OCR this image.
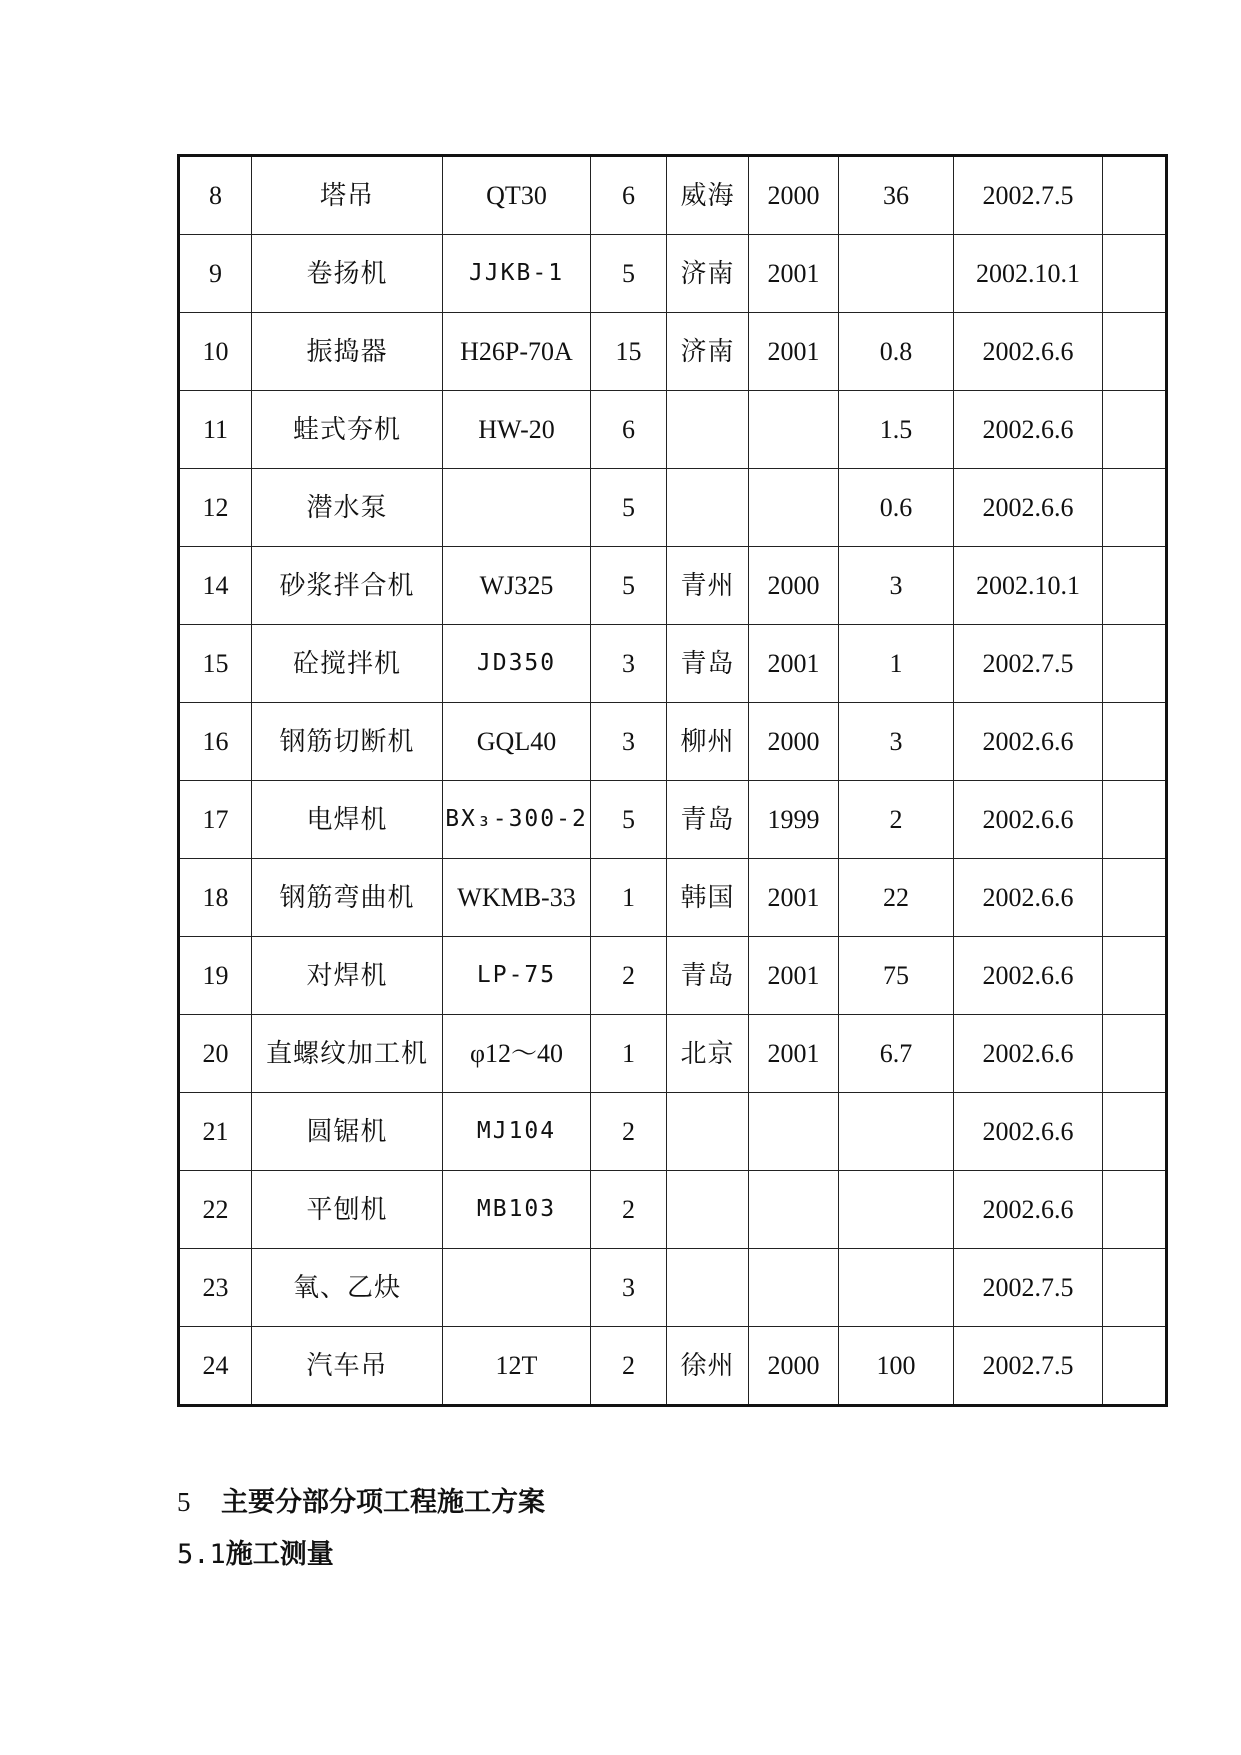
8	塔吊	QT30	6	威海	2000	36	2002.7.5	
9	卷扬机	JJKB-1	5	济南	2001		2002.10.1	
10	振捣器	H26P-70A	15	济南	2001	0.8	2002.6.6	
11	蛙式夯机	HW-20	6			1.5	2002.6.6	
12	潜水泵		5			0.6	2002.6.6	
14	砂浆拌合机	WJ325	5	青州	2000	3	2002.10.1	
15	砼搅拌机	JD350	3	青岛	2001	1	2002.7.5	
16	钢筋切断机	GQL40	3	柳州	2000	3	2002.6.6	
17	电焊机	BX₃-300-2	5	青岛	1999	2	2002.6.6	
18	钢筋弯曲机	WKMB-33	1	韩国	2001	22	2002.6.6	
19	对焊机	LP-75	2	青岛	2001	75	2002.6.6	
20	直螺纹加工机	φ12～40	1	北京	2001	6.7	2002.6.6	
21	圆锯机	MJ104	2				2002.6.6	
22	平刨机	MB103	2				2002.6.6	
23	氧、乙炔		3				2002.7.5	
24	汽车吊	12T	2	徐州	2000	100	2002.7.5	
5 主要分部分项工程施工方案
5.1施工测量
